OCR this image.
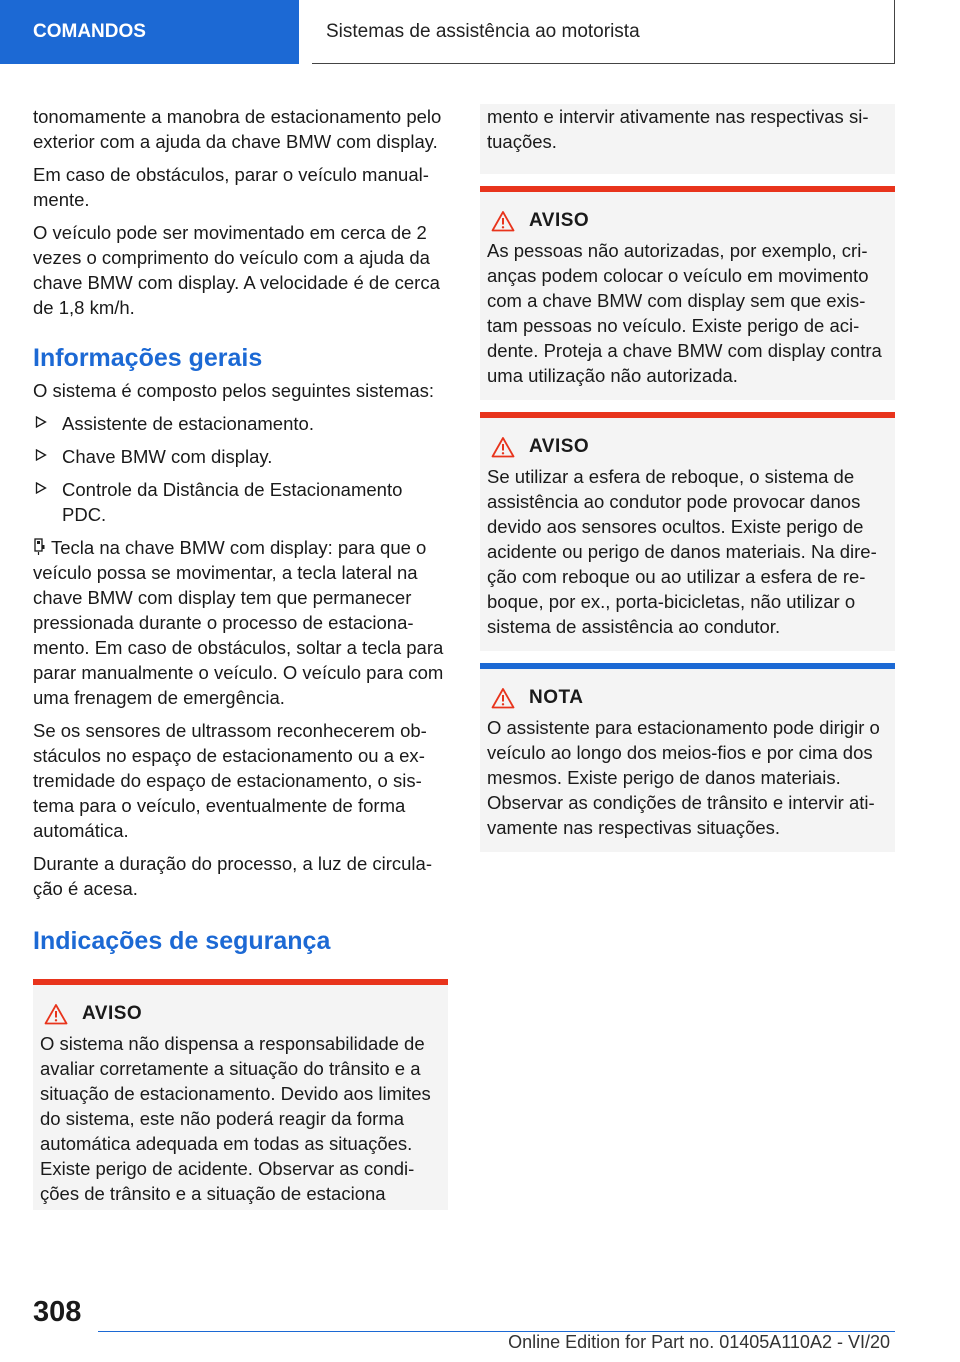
COMANDOS	Sistemas de assistência ao motorista

tonomamente a manobra de estacionamento pelo exterior com a ajuda da chave BMW com display.

Em caso de obstáculos, parar o veículo manualmente.

O veículo pode ser movimentado em cerca de 2 vezes o comprimento do veículo com a ajuda da chave BMW com display. A velocidade é de cerca de 1,8 km/h.

Informações gerais

O sistema é composto pelos seguintes sistemas:

Assistente de estacionamento.
Chave BMW com display.
Controle da Distância de Estacionamento PDC.

Tecla na chave BMW com display: para que o veículo possa se movimentar, a tecla lateral na chave BMW com display tem que permanecer pressionada durante o processo de estacionamento. Em caso de obstáculos, soltar a tecla para parar manualmente o veículo. O veículo para com uma frenagem de emergência.

Se os sensores de ultrassom reconhecerem obstáculos no espaço de estacionamento ou a extremidade do espaço de estacionamento, o sistema para o veículo, eventualmente de forma automática.

Durante a duração do processo, a luz de circulação é acesa.

Indicações de segurança
AVISO

O sistema não dispensa a responsabilidade de avaliar corretamente a situação do trânsito e a situação de estacionamento. Devido aos limites do sistema, este não poderá reagir da forma automática adequada em todas as situações. Existe perigo de acidente. Observar as condições de trânsito e a situação de estaciona

mento e intervir ativamente nas respectivas situações.

AVISO

As pessoas não autorizadas, por exemplo, crianças podem colocar o veículo em movimento com a chave BMW com display sem que existam pessoas no veículo. Existe perigo de acidente. Proteja a chave BMW com display contra uma utilização não autorizada.

AVISO

Se utilizar a esfera de reboque, o sistema de assistência ao condutor pode provocar danos devido aos sensores ocultos. Existe perigo de acidente ou perigo de danos materiais. Na direção com reboque ou ao utilizar a esfera de reboque, por ex., porta-bicicletas, não utilizar o sistema de assistência ao condutor.

NOTA

O assistente para estacionamento pode dirigir o veículo ao longo dos meios-fios e por cima dos mesmos. Existe perigo de danos materiais. Observar as condições de trânsito e intervir ativamente nas respectivas situações.

308
Online Edition for Part no. 01405A110A2 - VI/20
